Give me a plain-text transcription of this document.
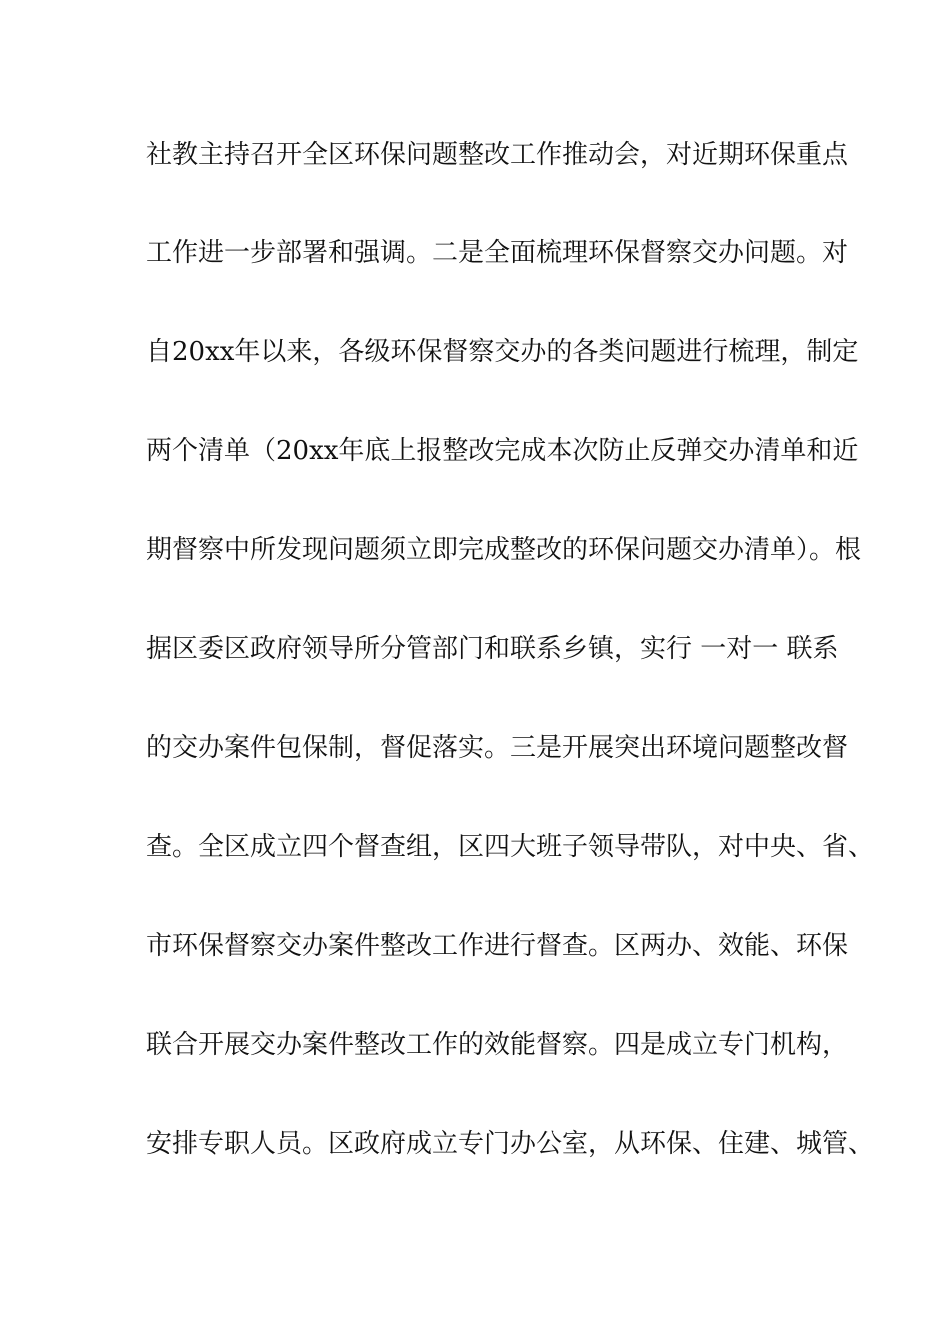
社教主持召开全区环保问题整改工作推动会，对近期环保重点
工作进一步部署和强调。二是全面梳理环保督察交办问题。对
自20xx年以来，各级环保督察交办的各类问题进行梳理，制定
两个清单（20xx年底上报整改完成本次防止反弹交办清单和近
期督察中所发现问题须立即完成整改的环保问题交办清单）。根
据区委区政府领导所分管部门和联系乡镇，实行 一对一 联系
的交办案件包保制，督促落实。三是开展突出环境问题整改督
查。全区成立四个督查组，区四大班子领导带队，对中央、省、
市环保督察交办案件整改工作进行督查。区两办、效能、环保
联合开展交办案件整改工作的效能督察。四是成立专门机构，
安排专职人员。区政府成立专门办公室，从环保、住建、城管、
